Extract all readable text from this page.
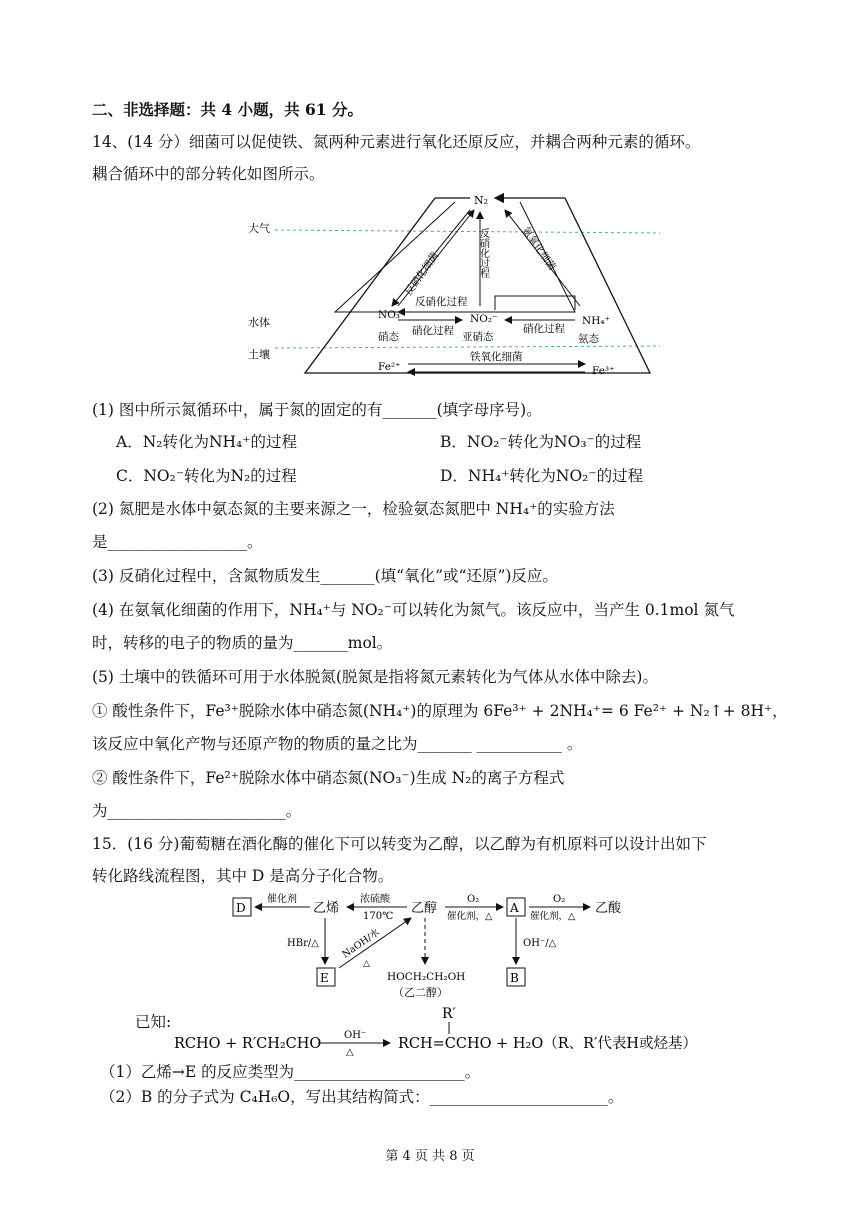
二、非选择题：共 4 小题，共 61 分。
14、(14 分）细菌可以促使铁、氮两种元素进行氧化还原反应，并耦合两种元素的循环。
耦合循环中的部分转化如图所示。
大气
水体
土壤
N₂
反硝化细菌	反硝化过程	氨氧化细菌
NO₃⁻	NO₂⁻	NH₄⁺
硝态	亚硝态	氨态
反硝化过程
硝化过程	硝化过程
Fe²⁺	Fe³⁺
铁氧化细菌
(1) 图中所示氮循环中，属于氮的固定的有_______(填字母序号)。
A．N₂转化为NH₄⁺的过程	B．NO₂⁻转化为NO₃⁻的过程
C．NO₂⁻转化为N₂的过程	D．NH₄⁺转化为NO₂⁻的过程
(2) 氮肥是水体中氨态氮的主要来源之一，检验氨态氮肥中 NH₄⁺的实验方法
是__________________。
(3) 反硝化过程中，含氮物质发生_______(填“氧化”或“还原”)反应。
(4) 在氨氧化细菌的作用下，NH₄⁺与 NO₂⁻可以转化为氮气。该反应中，当产生 0.1mol 氮气
时，转移的电子的物质的量为_______mol。
(5) 土壤中的铁循环可用于水体脱氮(脱氮是指将氮元素转化为气体从水体中除去)。
① 酸性条件下，Fe³⁺脱除水体中硝态氮(NH₄⁺)的原理为 6Fe³⁺ + 2NH₄⁺= 6 Fe²⁺ + N₂↑+ 8H⁺，
该反应中氧化产物与还原产物的物质的量之比为_______ ___________ 。
② 酸性条件下，Fe²⁺脱除水体中硝态氮(NO₃⁻)生成 N₂的离子方程式
为_______________________。
15．(16 分)葡萄糖在酒化酶的催化下可以转变为乙醇，以乙醇为有机原料可以设计出如下
转化路线流程图，其中 D 是高分子化合物。
D
催化剂
乙烯
浓硫酸
170℃
乙醇
O₂
催化剂，△
A
O₂
催化剂，△
乙酸
HBr/△
E
NaOH/水
△
HOCH₂CH₂OH
（乙二醇）
OH⁻/△
B
已知:	R′
RCHO + R′CH₂CHO
OH⁻
△
RCH=CCHO + H₂O（R、R′代表H或烃基）
（1）乙烯→E 的反应类型为______________________。
（2）B 的分子式为 C₄H₆O，写出其结构简式：_______________________。
第 4 页 共 8 页
